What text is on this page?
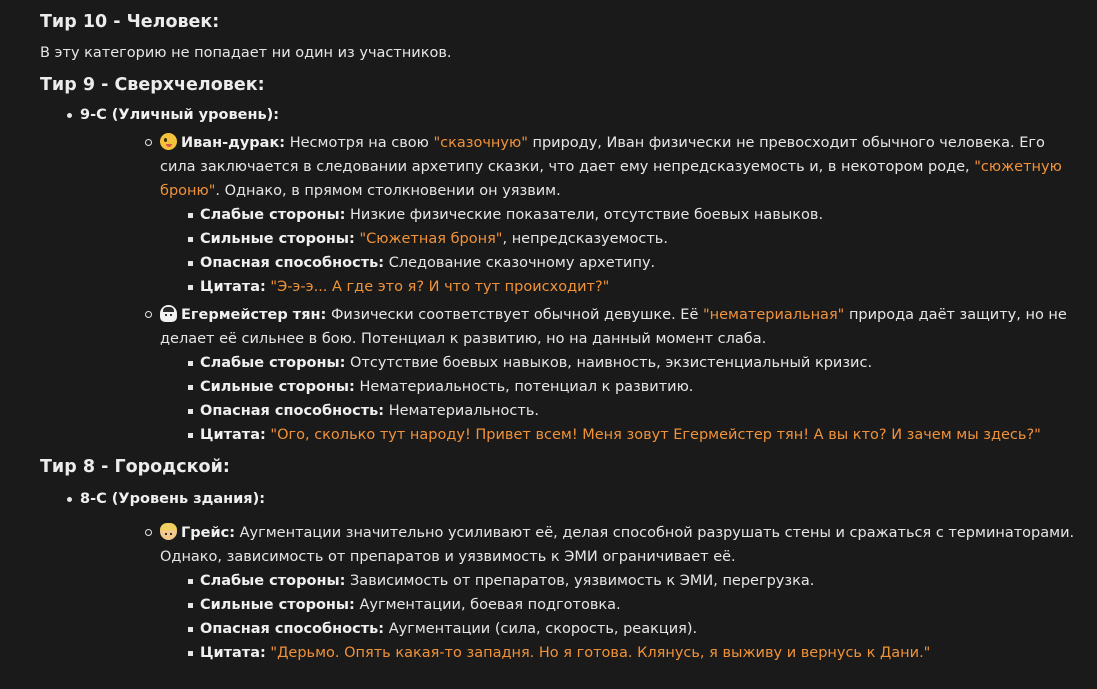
Тир 10 - Человек:

В эту категорию не попадает ни один из участников.

Тир 9 - Сверхчеловек:
9-С (Уличный уровень):
Иван-дурак: Несмотря на свою "сказочную" природу, Иван физически не превосходит обычного человека. Его сила заключается в следовании архетипу сказки, что дает ему непредсказуемость и, в некотором роде, "сюжетную броню". Однако, в прямом столкновении он уязвим.
Слабые стороны: Низкие физические показатели, отсутствие боевых навыков.
Сильные стороны: "Сюжетная броня", непредсказуемость.
Опасная способность: Следование сказочному архетипу.
Цитата: "Э-э-э... А где это я? И что тут происходит?"
Егермейстер тян: Физически соответствует обычной девушке. Её "нематериальная" природа даёт защиту, но не делает её сильнее в бою. Потенциал к развитию, но на данный момент слаба.
Слабые стороны: Отсутствие боевых навыков, наивность, экзистенциальный кризис.
Сильные стороны: Нематериальность, потенциал к развитию.
Опасная способность: Нематериальность.
Цитата: "Ого, сколько тут народу! Привет всем! Меня зовут Егермейстер тян! А вы кто? И зачем мы здесь?"
Тир 8 - Городской:
8-С (Уровень здания):
Грейс: Аугментации значительно усиливают её, делая способной разрушать стены и сражаться с терминаторами. Однако, зависимость от препаратов и уязвимость к ЭМИ ограничивает её.
Слабые стороны: Зависимость от препаратов, уязвимость к ЭМИ, перегрузка.
Сильные стороны: Аугментации, боевая подготовка.
Опасная способность: Аугментации (сила, скорость, реакция).
Цитата: "Дерьмо. Опять какая-то западня. Но я готова. Клянусь, я выживу и вернусь к Дани."
